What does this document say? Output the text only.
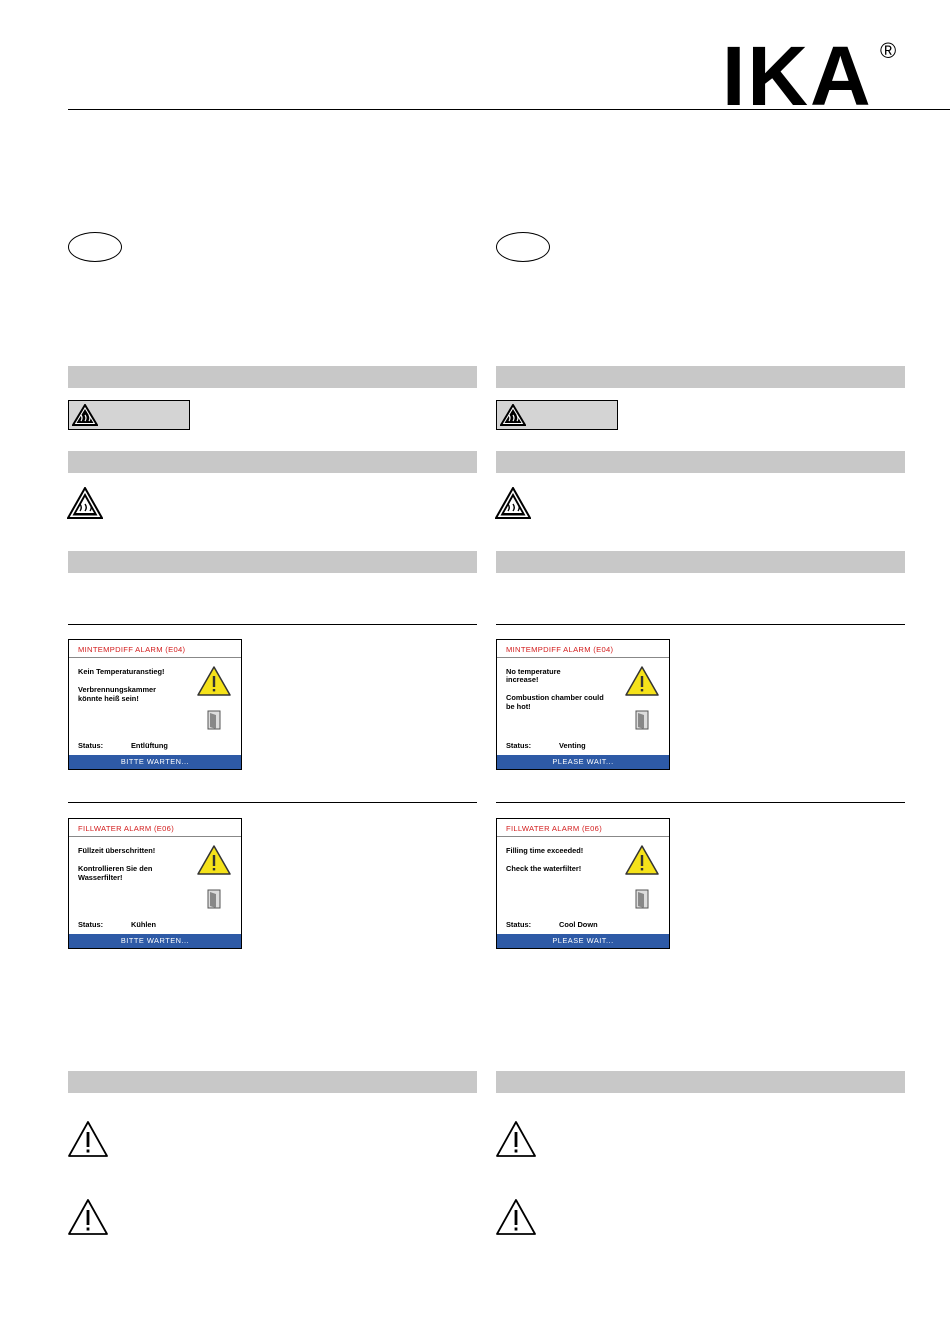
IKA ®
MINTEMPDIFF ALARM (E04)
Kein Temperaturanstieg!
Verbrennungskammer
könnte heiß sein!
Status:	Entlüftung
BITTE WARTEN...
MINTEMPDIFF ALARM (E04)
No temperature
increase!
Combustion chamber could
be hot!
Status:	Venting
PLEASE WAIT...
FILLWATER ALARM (E06)
Füllzeit überschritten!
Kontrollieren Sie den
Wasserfilter!
Status:	Kühlen
BITTE WARTEN...
FILLWATER ALARM (E06)
Filling time exceeded!
Check the waterfilter!
Status:	Cool Down
PLEASE WAIT...
